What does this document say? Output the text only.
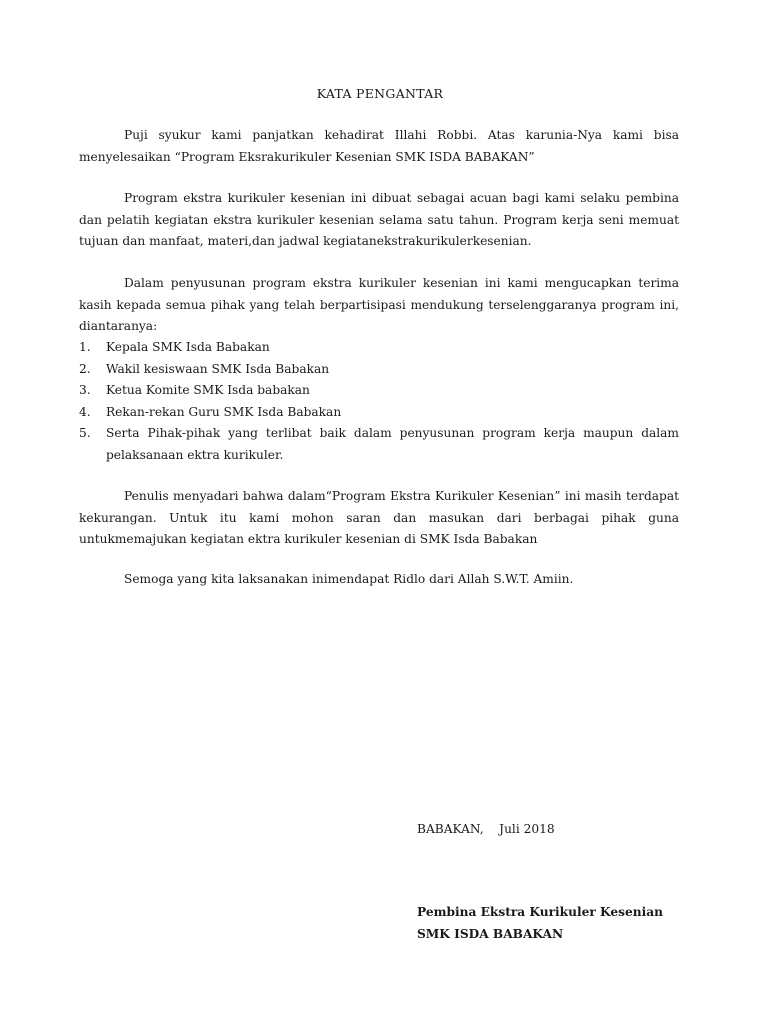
KATA PENGANTAR

Puji syukur kami panjatkan kehadirat Illahi Robbi. Atas karunia-Nya kami bisa menyelesaikan “Program Eksrakurikuler Kesenian SMK ISDA BABAKAN”

Program ekstra kurikuler kesenian ini dibuat sebagai acuan bagi kami selaku pembina dan pelatih kegiatan ekstra kurikuler kesenian selama satu tahun. Program kerja seni memuat tujuan dan manfaat, materi,dan jadwal kegiatanekstrakurikulerkesenian.

Dalam penyusunan program ekstra kurikuler kesenian ini kami mengucapkan terima kasih kepada semua pihak yang telah berpartisipasi mendukung terselenggaranya program ini, diantaranya:

1. Kepala SMK Isda Babakan
2. Wakil kesiswaan SMK Isda Babakan
3. Ketua Komite SMK Isda babakan
4. Rekan-rekan Guru SMK Isda Babakan
5. Serta Pihak-pihak yang terlibat baik dalam penyusunan program kerja maupun dalam pelaksanaan ektra kurikuler.

Penulis menyadari bahwa dalam“Program Ekstra Kurikuler Kesenian” ini masih terdapat kekurangan. Untuk itu kami mohon saran dan masukan dari berbagai pihak guna untukmemajukan kegiatan ektra kurikuler kesenian di SMK Isda Babakan

Semoga yang kita laksanakan inimendapat Ridlo dari Allah S.W.T. Amiin.

BABAKAN,    Juli 2018
Pembina Ekstra Kurikuler Kesenian
SMK ISDA BABAKAN
